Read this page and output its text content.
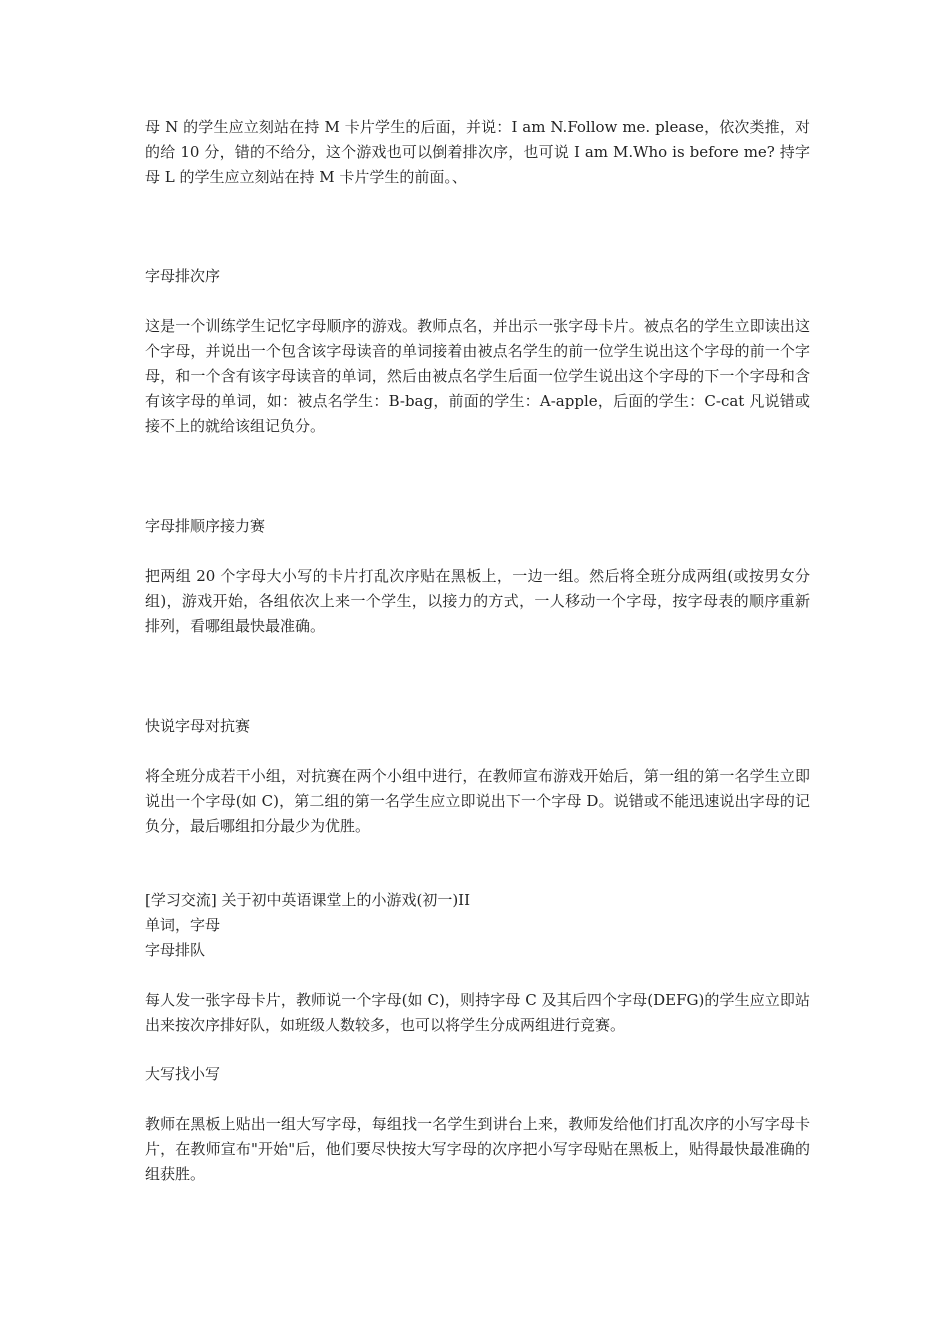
母 N 的学生应立刻站在持 M 卡片学生的后面，并说：I am N.Follow me. please，依次类推，对的给 10 分，错的不给分，这个游戏也可以倒着排次序，也可说 I am M.Who is before me? 持字母 L 的学生应立刻站在持 M 卡片学生的前面。、

字母排次序

这是一个训练学生记忆字母顺序的游戏。教师点名，并出示一张字母卡片。被点名的学生立即读出这个字母，并说出一个包含该字母读音的单词接着由被点名学生的前一位学生说出这个字母的前一个字母，和一个含有该字母读音的单词，然后由被点名学生后面一位学生说出这个字母的下一个字母和含有该字母的单词，如：被点名学生：B-bag，前面的学生：A-apple，后面的学生：C-cat 凡说错或接不上的就给该组记负分。

字母排顺序接力赛

把两组 20 个字母大小写的卡片打乱次序贴在黑板上，一边一组。然后将全班分成两组(或按男女分组)，游戏开始，各组依次上来一个学生，以接力的方式，一人移动一个字母，按字母表的顺序重新排列，看哪组最快最准确。

快说字母对抗赛

将全班分成若干小组，对抗赛在两个小组中进行，在教师宣布游戏开始后，第一组的第一名学生立即说出一个字母(如 C)，第二组的第一名学生应立即说出下一个字母 D。说错或不能迅速说出字母的记负分，最后哪组扣分最少为优胜。

[学习交流] 关于初中英语课堂上的小游戏(初一)II

单词，字母

字母排队

每人发一张字母卡片，教师说一个字母(如 C)，则持字母 C 及其后四个字母(DEFG)的学生应立即站出来按次序排好队，如班级人数较多，也可以将学生分成两组进行竞赛。

大写找小写

教师在黑板上贴出一组大写字母，每组找一名学生到讲台上来，教师发给他们打乱次序的小写字母卡片，在教师宣布"开始"后，他们要尽快按大写字母的次序把小写字母贴在黑板上，贴得最快最准确的组获胜。
